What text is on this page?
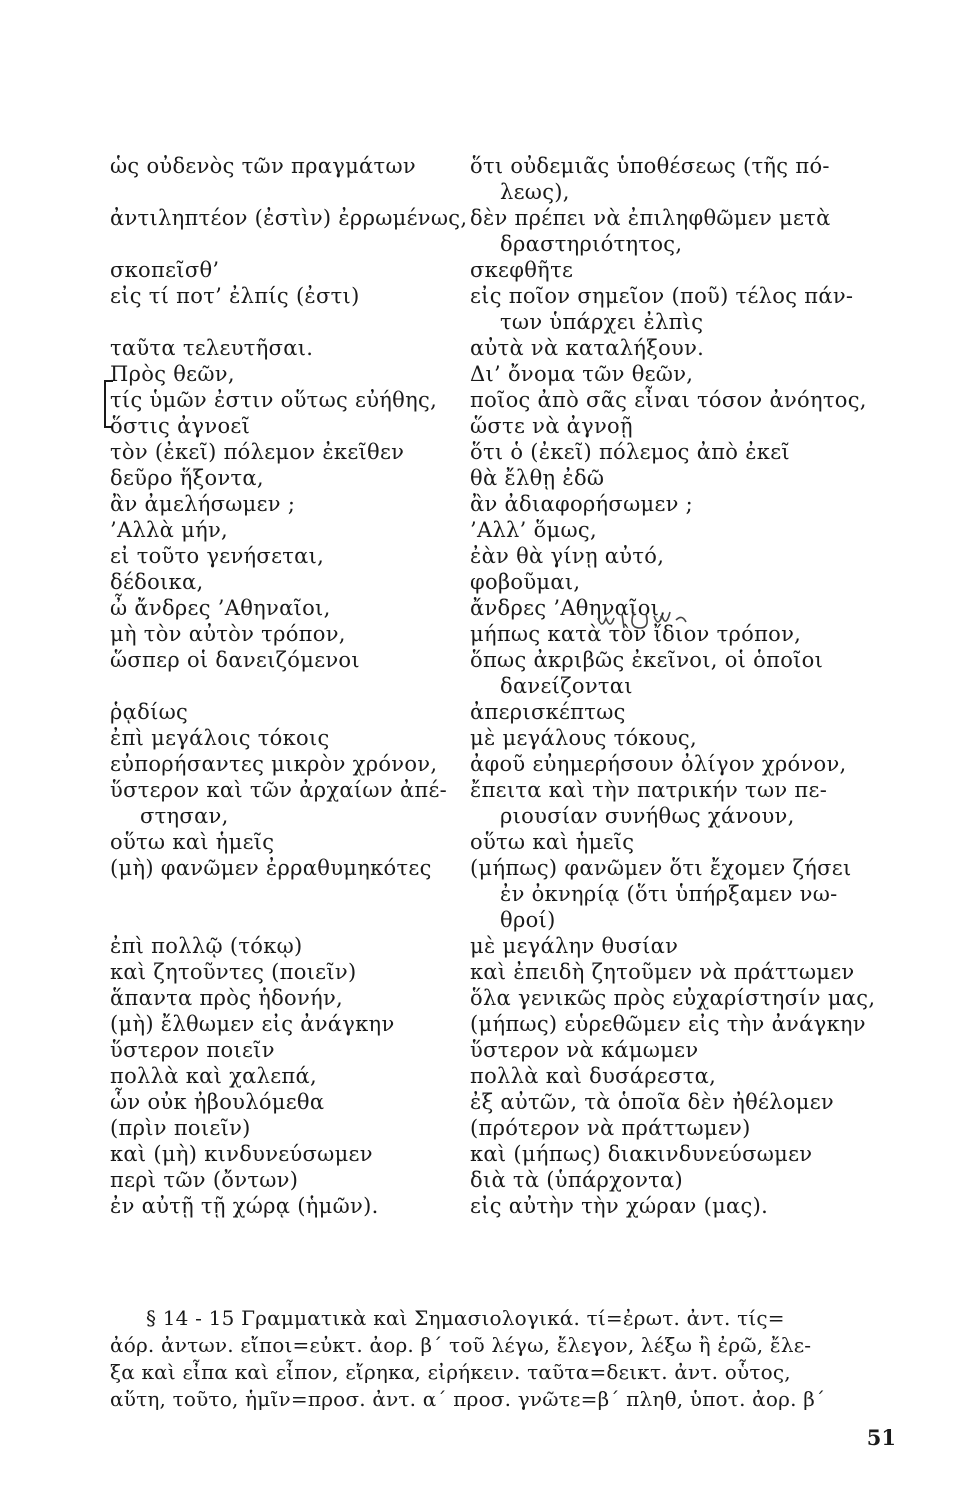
ὡς οὐδενὸς τῶν πραγμάτων
ἀντιληπτέον (ἐστὶν) ἐρρωμένως,
σκοπεῖσθ’
εἰς τί ποτ’ ἐλπίς (ἐστι)
ταῦτα τελευτῆσαι.
Πρὸς θεῶν,
τίς ὑμῶν ἐστιν οὕτως εὐήθης,
ὅστις ἀγνοεῖ
τὸν (ἐκεῖ) πόλεμον ἐκεῖθεν
δεῦρο ἥξοντα,
ἂν ἀμελήσωμεν ;
’Αλλὰ μήν,
εἰ τοῦτο γενήσεται,
δέδοικα,
ὦ ἄνδρες ’Αθηναῖοι,
μὴ τὸν αὐτὸν τρόπον,
ὥσπερ οἱ δανειζόμενοι
ῥᾳδίως
ἐπὶ μεγάλοις τόκοις
εὐπορήσαντες μικρὸν χρόνον,
ὕστερον καὶ τῶν ἀρχαίων ἀπέ-
στησαν,
οὕτω καὶ ἡμεῖς
(μὴ) φανῶμεν ἐρραθυμηκότες
ἐπὶ πολλῷ (τόκῳ)
καὶ ζητοῦντες (ποιεῖν)
ἅπαντα πρὸς ἡδονήν,
(μὴ) ἔλθωμεν εἰς ἀνάγκην
ὕστερον ποιεῖν
πολλὰ καὶ χαλεπά,
ὧν οὐκ ἠβουλόμεθα
(πρὶν ποιεῖν)
καὶ (μὴ) κινδυνεύσωμεν
περὶ τῶν (ὄντων)
ἐν αὐτῇ τῇ χώρᾳ (ἡμῶν).
ὅτι οὐδεμιᾶς ὑποθέσεως (τῆς πό-
λεως),
δὲν πρέπει νὰ ἐπιληφθῶμεν μετὰ
δραστηριότητος,
σκεφθῆτε
εἰς ποῖον σημεῖον (ποῦ) τέλος πάν-
των ὑπάρχει ἐλπὶς
αὐτὰ νὰ καταλήξουν.
Δι’ ὄνομα τῶν θεῶν,
ποῖος ἀπὸ σᾶς εἶναι τόσον ἀνόητος,
ὥστε νὰ ἀγνοῇ
ὅτι ὁ (ἐκεῖ) πόλεμος ἀπὸ ἐκεῖ
θὰ ἔλθῃ ἐδῶ
ἂν ἀδιαφορήσωμεν ;
’Αλλ’ ὅμως,
ἐὰν θὰ γίνῃ αὐτό,
φοβοῦμαι,
ἄνδρες ’Αθηναῖοι,
μήπως κατὰ τὸν ἴδιον τρόπον,
ὅπως ἀκριβῶς ἐκεῖνοι, οἱ ὁποῖοι
δανείζονται
ἀπερισκέπτως
μὲ μεγάλους τόκους,
ἀφοῦ εὐημερήσουν ὀλίγον χρόνον,
ἔπειτα καὶ τὴν πατρικήν των πε-
ριουσίαν συνήθως χάνουν,
οὕτω καὶ ἡμεῖς
(μήπως) φανῶμεν ὅτι ἔχομεν ζήσει
ἐν ὀκνηρίᾳ (ὅτι ὑπήρξαμεν νω-
θροί)
μὲ μεγάλην θυσίαν
καὶ ἐπειδὴ ζητοῦμεν νὰ πράττωμεν
ὅλα γενικῶς πρὸς εὐχαρίστησίν μας,
(μήπως) εὑρεθῶμεν εἰς τὴν ἀνάγκην
ὕστερον νὰ κάμωμεν
πολλὰ καὶ δυσάρεστα,
ἐξ αὐτῶν, τὰ ὁποῖα δὲν ἠθέλομεν
(πρότερον νὰ πράττωμεν)
καὶ (μήπως) διακινδυνεύσωμεν
διὰ τὰ (ὑπάρχοντα)
εἰς αὐτὴν τὴν χώραν (μας).
§ 14 - 15 Γραμματικὰ καὶ Σημασιολογικά. τί=ἐρωτ. ἀντ. τίς=
ἀόρ. ἀντων. εἴποι=εὐκτ. ἀορ. β΄ τοῦ λέγω, ἔλεγον, λέξω ἢ ἐρῶ, ἔλε-
ξα καὶ εἶπα καὶ εἶπον, εἴρηκα, εἰρήκειν. ταῦτα=δεικτ. ἀντ. οὗτος,
αὕτη, τοῦτο, ἡμῖν=προσ. ἀντ. α΄ προσ. γνῶτε=β΄ πληθ, ὑποτ. ἀορ. β΄
51
